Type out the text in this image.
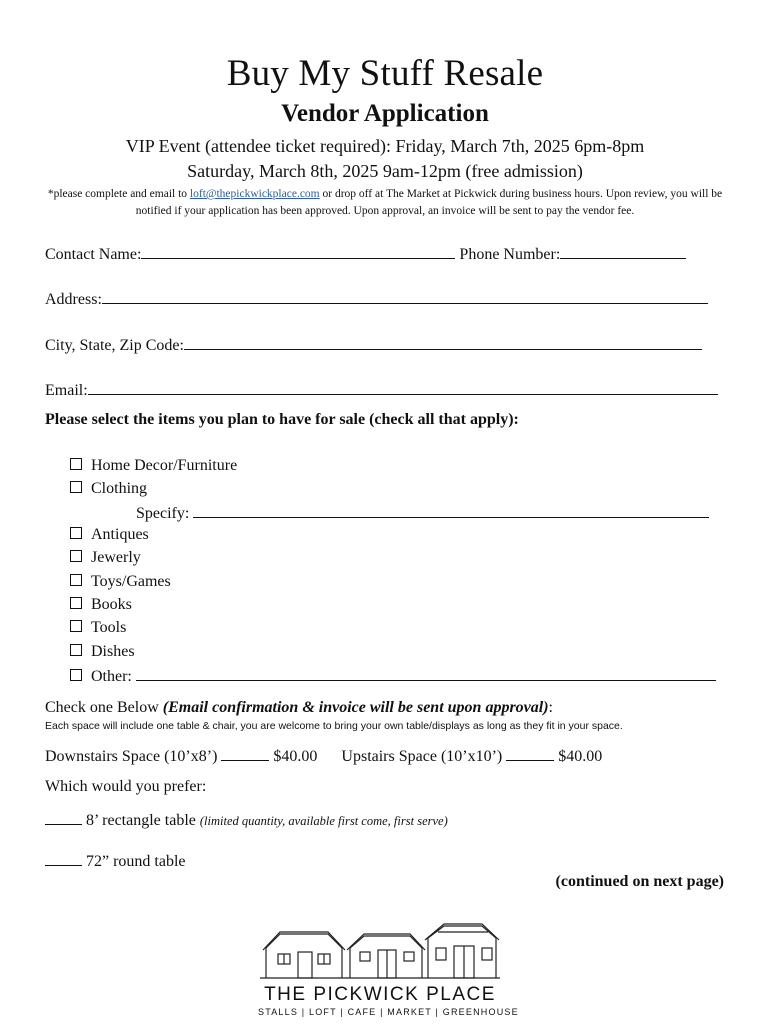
Buy My Stuff Resale
Vendor Application
VIP Event (attendee ticket required): Friday, March 7th, 2025 6pm-8pm
Saturday, March 8th, 2025 9am-12pm (free admission)
*please complete and email to loft@thepickwickplace.com or drop off at The Market at Pickwick during business hours. Upon review, you will be notified if your application has been approved. Upon approval, an invoice will be sent to pay the vendor fee.
Contact Name:	Phone Number:
Address:
City, State, Zip Code:
Email:
Please select the items you plan to have for sale (check all that apply):
Home Decor/Furniture
Clothing
Specify:
Antiques
Jewerly
Toys/Games
Books
Tools
Dishes
Other:
Check one Below (Email confirmation & invoice will be sent upon approval):
Each space will include one table & chair, you are welcome to bring your own table/displays as long as they fit in your space.
Downstairs Space (10’x8’)	$40.00 Upstairs Space (10’x10’)	$40.00
Which would you prefer:
8’ rectangle table (limited quantity, available first come, first serve)
72” round table
(continued on next page)
THE PICKWICK PLACE
STALLS | LOFT | CAFE | MARKET | GREENHOUSE
